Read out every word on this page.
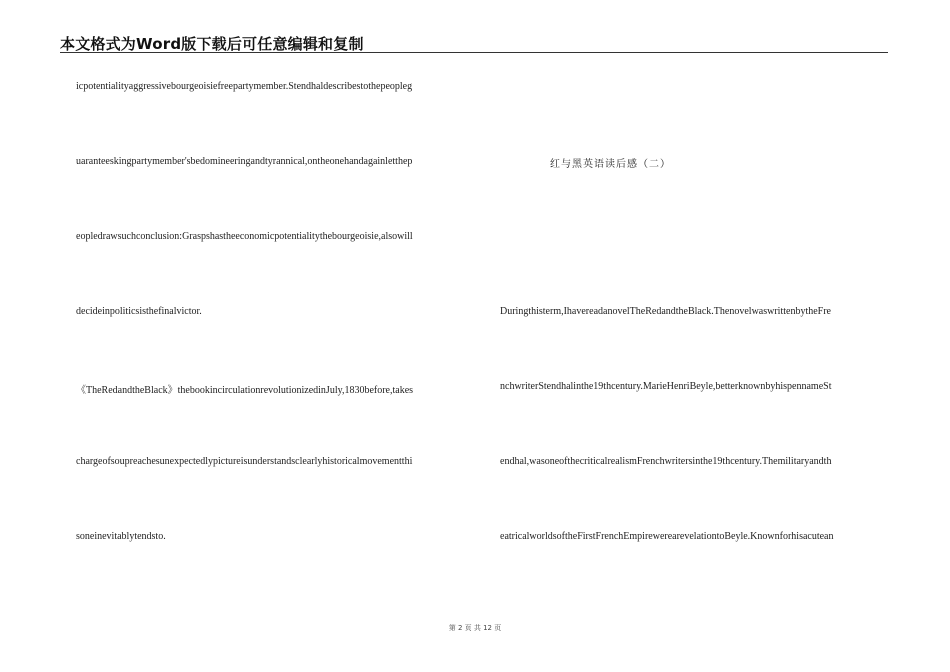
本文格式为Word版下载后可任意编辑和复制
icpotentialityaggressivebourgeoisiefreepartymember.Stendhaldescribestothepeopleg
uaranteeskingpartymember'sbedomineeringandtyrannical,ontheonehandagainletthep
eopledrawsuchconclusion:Graspshastheeconomicpotentialitythebourgeoisie,alsowill
decideinpoliticsisthefinalvictor.
《TheRedandtheBlack》thebookincirculationrevolutionizedinJuly,1830before,takes
chargeofsoupreachesunexpectedlypictureisunderstandsclearlyhistoricalmovementthi
soneinevitablytendsto.
红与黑英语读后感（二）
Duringthisterm,IhavereadanovelTheRedandtheBlack.ThenovelwaswrittenbytheFre
nchwriterStendhalinthe19thcentury.MarieHenriBeyle,betterknownbyhispennameSt
endhal,wasoneofthecriticalrealismFrenchwritersinthe19thcentury.Themilitaryandth
eatricalworldsoftheFirstFrenchEmpirewerearevelationtoBeyle.Knownforhisacutean
第 2 页 共 12 页
